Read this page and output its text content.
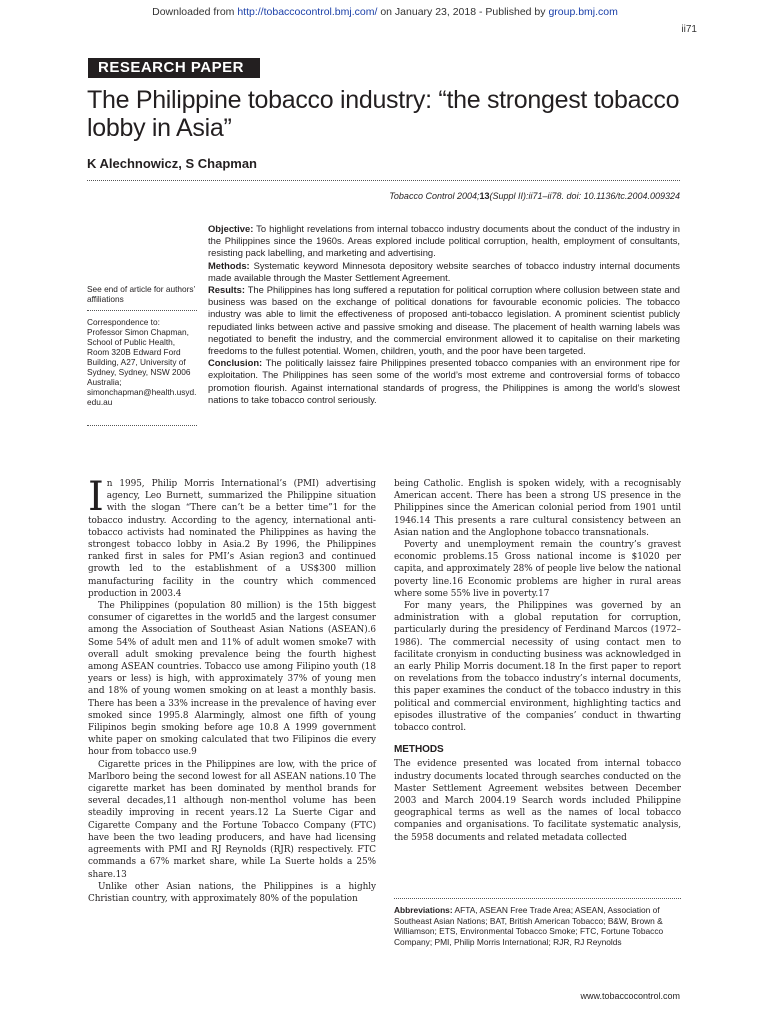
Downloaded from http://tobaccocontrol.bmj.com/ on January 23, 2018 - Published by group.bmj.com
ii71
RESEARCH PAPER
The Philippine tobacco industry: “the strongest tobacco lobby in Asia”
K Alechnowicz, S Chapman
Tobacco Control 2004;13(Suppl II):ii71–ii78. doi: 10.1136/tc.2004.009324
See end of article for authors’ affiliations
Correspondence to: Professor Simon Chapman, School of Public Health, Room 320B Edward Ford Building, A27, University of Sydney, Sydney, NSW 2006 Australia; simonchapman@health.usyd.edu.au

Objective: To highlight revelations from internal tobacco industry documents about the conduct of the industry in the Philippines since the 1960s. Areas explored include political corruption, health, employment of consultants, resisting pack labelling, and marketing and advertising.

Methods: Systematic keyword Minnesota depository website searches of tobacco industry internal documents made available through the Master Settlement Agreement.

Results: The Philippines has long suffered a reputation for political corruption where collusion between state and business was based on the exchange of political donations for favourable economic policies. The tobacco industry was able to limit the effectiveness of proposed anti-tobacco legislation. A prominent scientist publicly repudiated links between active and passive smoking and disease. The placement of health warning labels was negotiated to benefit the industry, and the commercial environment allowed it to capitalise on their marketing freedoms to the fullest potential. Women, children, youth, and the poor have been targeted.

Conclusion: The politically laissez faire Philippines presented tobacco companies with an environment ripe for exploitation. The Philippines has seen some of the world’s most extreme and controversial forms of tobacco promotion flourish. Against international standards of progress, the Philippines is among the world’s slowest nations to take tobacco control seriously.

In 1995, Philip Morris International’s (PMI) advertising agency, Leo Burnett, summarized the Philippine situation with the slogan “There can’t be a better time”1 for the tobacco industry. According to the agency, international anti-tobacco activists had nominated the Philippines as having the strongest tobacco lobby in Asia.2 By 1996, the Philippines ranked first in sales for PMI’s Asian region3 and continued growth led to the establishment of a US$300 million manufacturing facility in the country which commenced production in 2003.4

The Philippines (population 80 million) is the 15th biggest consumer of cigarettes in the world5 and the largest consumer among the Association of Southeast Asian Nations (ASEAN).6 Some 54% of adult men and 11% of adult women smoke7 with overall adult smoking prevalence being the fourth highest among ASEAN countries. Tobacco use among Filipino youth (18 years or less) is high, with approximately 37% of young men and 18% of young women smoking on at least a monthly basis. There has been a 33% increase in the prevalence of having ever smoked since 1995.8 Alarmingly, almost one fifth of young Filipinos begin smoking before age 10.8 A 1999 government white paper on smoking calculated that two Filipinos die every hour from tobacco use.9

Cigarette prices in the Philippines are low, with the price of Marlboro being the second lowest for all ASEAN nations.10 The cigarette market has been dominated by menthol brands for several decades,11 although non-menthol volume has been steadily improving in recent years.12 La Suerte Cigar and Cigarette Company and the Fortune Tobacco Company (FTC) have been the two leading producers, and have had licensing agreements with PMI and RJ Reynolds (RJR) respectively. FTC commands a 67% market share, while La Suerte holds a 25% share.13

Unlike other Asian nations, the Philippines is a highly Christian country, with approximately 80% of the population

being Catholic. English is spoken widely, with a recognisably American accent. There has been a strong US presence in the Philippines since the American colonial period from 1901 until 1946.14 This presents a rare cultural consistency between an Asian nation and the Anglophone tobacco transnationals.

Poverty and unemployment remain the country’s gravest economic problems.15 Gross national income is $1020 per capita, and approximately 28% of people live below the national poverty line.16 Economic problems are higher in rural areas where some 55% live in poverty.17

For many years, the Philippines was governed by an administration with a global reputation for corruption, particularly during the presidency of Ferdinand Marcos (1972–1986). The commercial necessity of using contact men to facilitate cronyism in conducting business was acknowledged in an early Philip Morris document.18 In the first paper to report on revelations from the tobacco industry’s internal documents, this paper examines the conduct of the tobacco industry in this political and commercial environment, highlighting tactics and episodes illustrative of the companies’ conduct in thwarting tobacco control.

METHODS

The evidence presented was located from internal tobacco industry documents located through searches conducted on the Master Settlement Agreement websites between December 2003 and March 2004.19 Search words included Philippine geographical terms as well as the names of local tobacco companies and organisations. To facilitate systematic analysis, the 5958 documents and related metadata collected

Abbreviations: AFTA, ASEAN Free Trade Area; ASEAN, Association of Southeast Asian Nations; BAT, British American Tobacco; B&W, Brown & Williamson; ETS, Environmental Tobacco Smoke; FTC, Fortune Tobacco Company; PMI, Philip Morris International; RJR, RJ Reynolds
www.tobaccocontrol.com
